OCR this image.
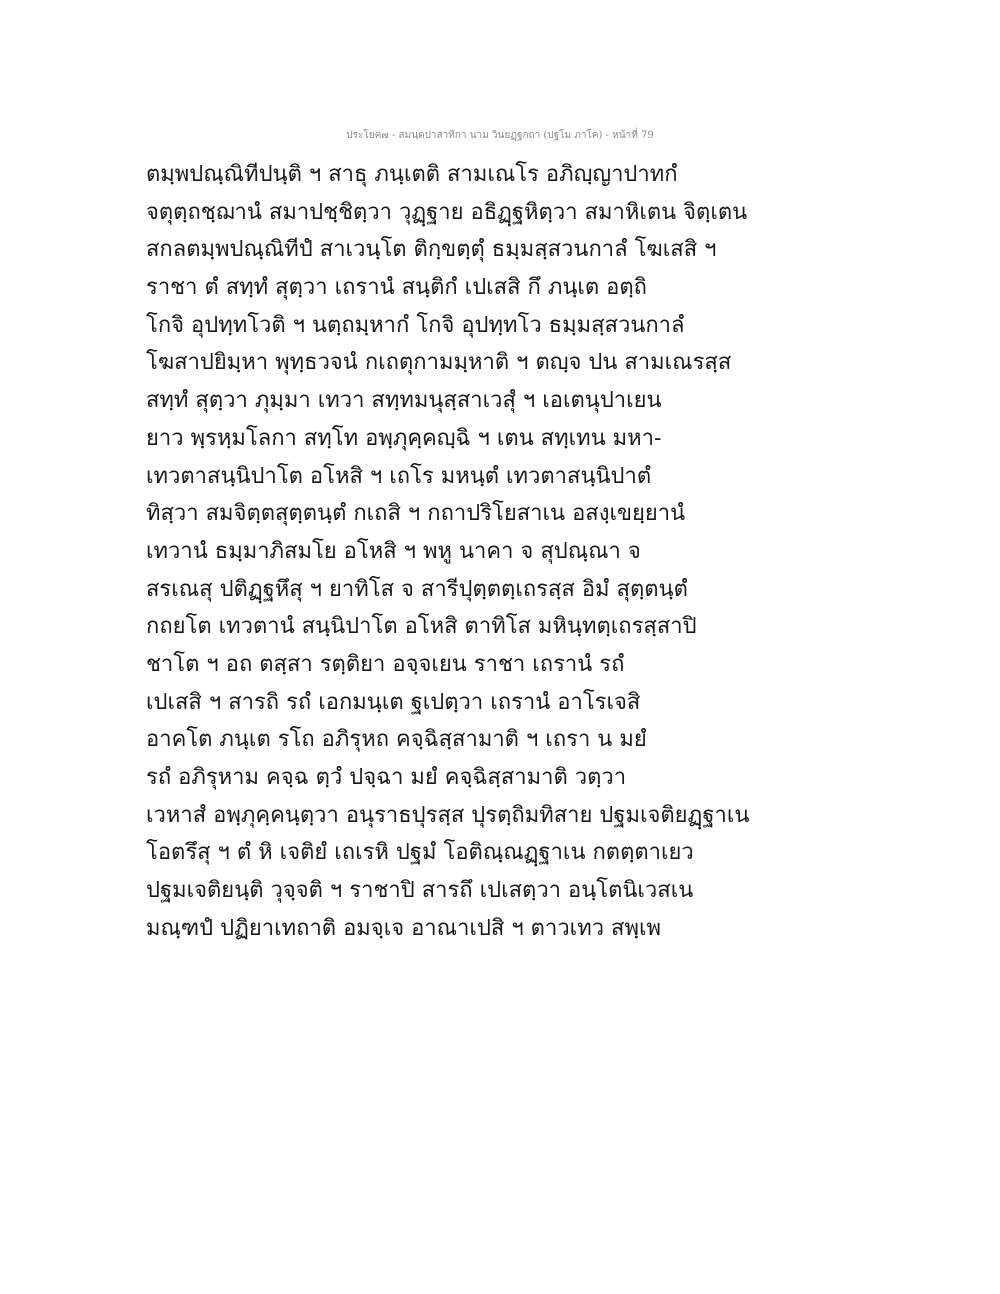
ประโยค๗ - สมนฺตปาสาทิกา นาม วินยฏฺฐกถา (ปฐโม ภาโค) - หน้าที่ 79
ตมฺพปณฺณิทีปนฺติ ฯ สาธุ ภนฺเตติ สามเณโร อภิญฺญาปาทกํ
จตุตฺถชฺฌานํ สมาปชฺชิตฺวา วุฏฺฐาย อธิฏฺฐหิตฺวา สมาหิเตน จิตฺเตน
สกลตมฺพปณฺณิทีปํ สาเวนฺโต ติกฺขตฺตุํ ธมฺมสฺสวนกาลํ โฆเสสิ ฯ
ราชา ตํ สทฺทํ สุตฺวา เถรานํ สนฺติกํ เปเสสิ กึ ภนฺเต อตฺถิ
โกจิ อุปทฺทโวติ ฯ นตฺถมฺหากํ โกจิ อุปทฺทโว ธมฺมสฺสวนกาลํ
โฆสาปยิมฺหา พุทฺธวจนํ กเถตุกามมฺหาติ ฯ ตญฺจ ปน สามเณรสฺส
สทฺทํ สุตฺวา ภุมฺมา เทวา สทฺทมนุสฺสาเวสุํ ฯ เอเตนุปาเยน
ยาว พฺรหฺมโลกา สทฺโท อพฺภุคฺคญฺฉิ ฯ เตน สทฺเทน มหา-
เทวตาสนฺนิปาโต อโหสิ ฯ เถโร มหนฺตํ เทวตาสนฺนิปาตํ
ทิสฺวา สมจิตฺตสุตฺตนฺตํ กเถสิ ฯ กถาปริโยสาเน อสงฺเขยฺยานํ
เทวานํ ธมฺมาภิสมโย อโหสิ ฯ พหู นาคา จ สุปณฺณา จ
สรเณสุ ปติฏฺฐหึสุ ฯ ยาทิโส จ สารีปุตฺตตฺเถรสฺส อิมํ สุตฺตนฺตํ
กถยโต เทวตานํ สนฺนิปาโต อโหสิ ตาทิโส มหินฺทตฺเถรสฺสาปิ
ชาโต ฯ อถ ตสฺสา รตฺติยา อจฺจเยน ราชา เถรานํ รถํ
เปเสสิ ฯ สารถิ รถํ เอกมนฺเต ฐเปตฺวา เถรานํ อาโรเจสิ
อาคโต ภนฺเต รโถ อภิรุหถ คจฺฉิสฺสามาติ ฯ เถรา น มยํ
รถํ อภิรุหาม คจฺฉ ตฺวํ ปจฺฉา มยํ คจฺฉิสฺสามาติ วตฺวา
เวหาสํ อพฺภุคฺคนฺตฺวา อนุราธปุรสฺส ปุรตฺถิมทิสาย ปฐมเจติยฏฺฐาเน
โอตรึสุ ฯ ตํ หิ เจติยํ เถเรหิ ปฐมํ โอติณฺณฏฺฐาเน กตตฺตาเยว
ปฐมเจติยนฺติ วุจฺจติ ฯ ราชาปิ สารถึ เปเสตฺวา อนฺโตนิเวสเน
มณฺฑปํ ปฏิยาเทถาติ อมจฺเจ อาณาเปสิ ฯ ตาวเทว สพฺเพ
